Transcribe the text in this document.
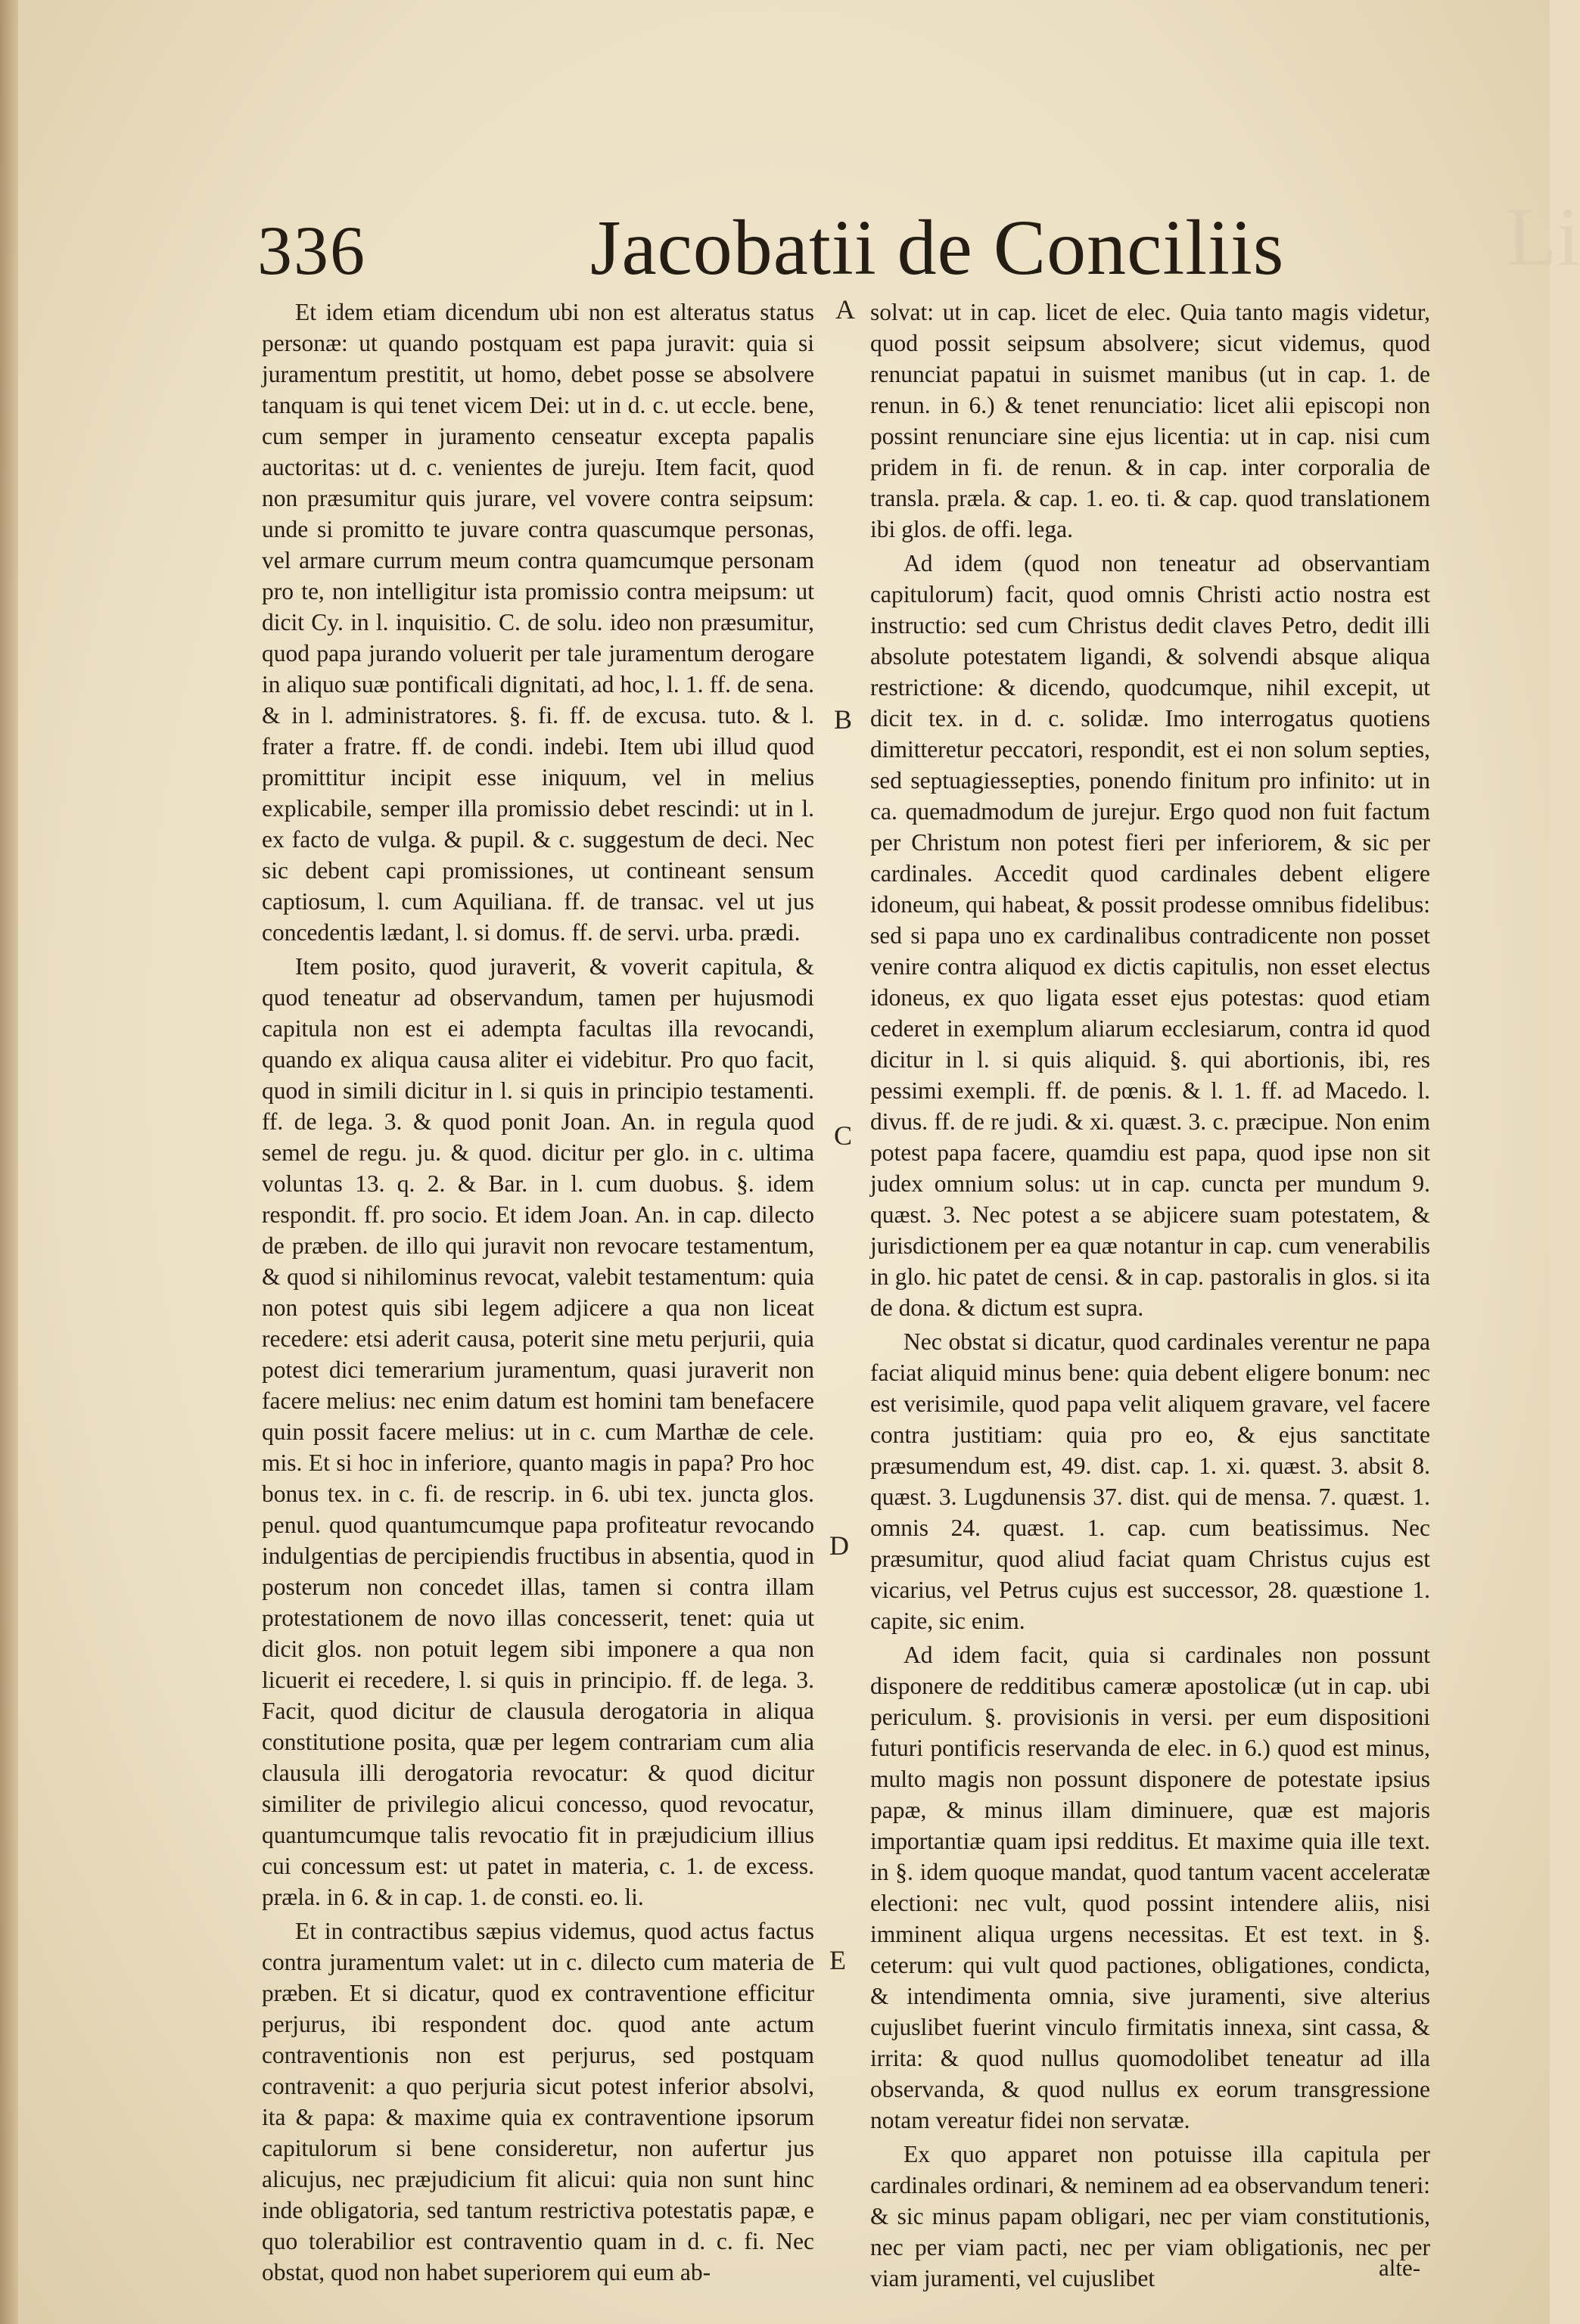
Li
336	Jacobatii de Conciliis

Et idem etiam dicendum ubi non est alteratus status personæ: ut quando postquam est papa juravit: quia si juramentum prestitit, ut homo, debet posse se absolvere tanquam is qui tenet vicem Dei: ut in d. c. ut eccle. bene, cum semper in juramento censeatur excepta papalis auctoritas: ut d. c. venientes de jureju. Item facit, quod non præsumitur quis jurare, vel vovere contra seipsum: unde si promitto te juvare contra quascumque personas, vel armare currum meum contra quamcumque personam pro te, non intelligitur ista promissio contra meipsum: ut dicit Cy. in l. inquisitio. C. de solu. ideo non præsumitur, quod papa jurando voluerit per tale juramentum derogare in aliquo suæ pontificali dignitati, ad hoc, l. 1. ff. de sena. & in l. administratores. §. fi. ff. de excusa. tuto. & l. frater a fratre. ff. de condi. indebi. Item ubi illud quod promittitur incipit esse iniquum, vel in melius explicabile, semper illa promissio debet rescindi: ut in l. ex facto de vulga. & pupil. & c. suggestum de deci. Nec sic debent capi promissiones, ut contineant sensum captiosum, l. cum Aquiliana. ff. de transac. vel ut jus concedentis lædant, l. si domus. ff. de servi. urba. prædi.

Item posito, quod juraverit, & voverit capitula, & quod teneatur ad observandum, tamen per hujusmodi capitula non est ei adempta facultas illa revocandi, quando ex aliqua causa aliter ei videbitur. Pro quo facit, quod in simili dicitur in l. si quis in principio testamenti. ff. de lega. 3. & quod ponit Joan. An. in regula quod semel de regu. ju. & quod. dicitur per glo. in c. ultima voluntas 13. q. 2. & Bar. in l. cum duobus. §. idem respondit. ff. pro socio. Et idem Joan. An. in cap. dilecto de præben. de illo qui juravit non revocare testamentum, & quod si nihilominus revocat, valebit testamentum: quia non potest quis sibi legem adjicere a qua non liceat recedere: etsi aderit causa, poterit sine metu perjurii, quia potest dici temerarium juramentum, quasi juraverit non facere melius: nec enim datum est homini tam benefacere quin possit facere melius: ut in c. cum Marthæ de cele. mis. Et si hoc in inferiore, quanto magis in papa? Pro hoc bonus tex. in c. fi. de rescrip. in 6. ubi tex. juncta glos. penul. quod quantumcumque papa profiteatur revocando indulgentias de percipiendis fructibus in absentia, quod in posterum non concedet illas, tamen si contra illam protestationem de novo illas concesserit, tenet: quia ut dicit glos. non potuit legem sibi imponere a qua non licuerit ei recedere, l. si quis in principio. ff. de lega. 3. Facit, quod dicitur de clausula derogatoria in aliqua constitutione posita, quæ per legem contrariam cum alia clausula illi derogatoria revocatur: & quod dicitur similiter de privilegio alicui concesso, quod revocatur, quantumcumque talis revocatio fit in præjudicium illius cui concessum est: ut patet in materia, c. 1. de excess. præla. in 6. & in cap. 1. de consti. eo. li.

Et in contractibus sæpius videmus, quod actus factus contra juramentum valet: ut in c. dilecto cum materia de præben. Et si dicatur, quod ex contraventione efficitur perjurus, ibi respondent doc. quod ante actum contraventionis non est perjurus, sed postquam contravenit: a quo perjuria sicut potest inferior absolvi, ita & papa: & maxime quia ex contraventione ipsorum capitulorum si bene consideretur, non aufertur jus alicujus, nec præjudicium fit alicui: quia non sunt hinc inde obligatoria, sed tantum restrictiva potestatis papæ, e quo tolerabilior est contraventio quam in d. c. fi. Nec obstat, quod non habet superiorem qui eum ab-

A
B
C
D
E

solvat: ut in cap. licet de elec. Quia tanto magis videtur, quod possit seipsum absolvere; sicut videmus, quod renunciat papatui in suismet manibus (ut in cap. 1. de renun. in 6.) & tenet renunciatio: licet alii episcopi non possint renunciare sine ejus licentia: ut in cap. nisi cum pridem in fi. de renun. & in cap. inter corporalia de transla. præla. & cap. 1. eo. ti. & cap. quod translationem ibi glos. de offi. lega.

Ad idem (quod non teneatur ad observantiam capitulorum) facit, quod omnis Christi actio nostra est instructio: sed cum Christus dedit claves Petro, dedit illi absolute potestatem ligandi, & solvendi absque aliqua restrictione: & dicendo, quodcumque, nihil excepit, ut dicit tex. in d. c. solidæ. Imo interrogatus quotiens dimitteretur peccatori, respondit, est ei non solum septies, sed septuagiessepties, ponendo finitum pro infinito: ut in ca. quemadmodum de jurejur. Ergo quod non fuit factum per Christum non potest fieri per inferiorem, & sic per cardinales. Accedit quod cardinales debent eligere idoneum, qui habeat, & possit prodesse omnibus fidelibus: sed si papa uno ex cardinalibus contradicente non posset venire contra aliquod ex dictis capitulis, non esset electus idoneus, ex quo ligata esset ejus potestas: quod etiam cederet in exemplum aliarum ecclesiarum, contra id quod dicitur in l. si quis aliquid. §. qui abortionis, ibi, res pessimi exempli. ff. de pœnis. & l. 1. ff. ad Macedo. l. divus. ff. de re judi. & xi. quæst. 3. c. præcipue. Non enim potest papa facere, quamdiu est papa, quod ipse non sit judex omnium solus: ut in cap. cuncta per mundum 9. quæst. 3. Nec potest a se abjicere suam potestatem, & jurisdictionem per ea quæ notantur in cap. cum venerabilis in glo. hic patet de censi. & in cap. pastoralis in glos. si ita de dona. & dictum est supra.

Nec obstat si dicatur, quod cardinales verentur ne papa faciat aliquid minus bene: quia debent eligere bonum: nec est verisimile, quod papa velit aliquem gravare, vel facere contra justitiam: quia pro eo, & ejus sanctitate præsumendum est, 49. dist. cap. 1. xi. quæst. 3. absit 8. quæst. 3. Lugdunensis 37. dist. qui de mensa. 7. quæst. 1. omnis 24. quæst. 1. cap. cum beatissimus. Nec præsumitur, quod aliud faciat quam Christus cujus est vicarius, vel Petrus cujus est successor, 28. quæstione 1. capite, sic enim.

Ad idem facit, quia si cardinales non possunt disponere de redditibus cameræ apostolicæ (ut in cap. ubi periculum. §. provisionis in versi. per eum dispositioni futuri pontificis reservanda de elec. in 6.) quod est minus, multo magis non possunt disponere de potestate ipsius papæ, & minus illam diminuere, quæ est majoris importantiæ quam ipsi redditus. Et maxime quia ille text. in §. idem quoque mandat, quod tantum vacent acceleratæ electioni: nec vult, quod possint intendere aliis, nisi imminent aliqua urgens necessitas. Et est text. in §. ceterum: qui vult quod pactiones, obligationes, condicta, & intendimenta omnia, sive juramenti, sive alterius cujuslibet fuerint vinculo firmitatis innexa, sint cassa, & irrita: & quod nullus quomodolibet teneatur ad illa observanda, & quod nullus ex eorum transgressione notam vereatur fidei non servatæ.

Ex quo apparet non potuisse illa capitula per cardinales ordinari, & neminem ad ea observandum teneri: & sic minus papam obligari, nec per viam constitutionis, nec per viam pacti, nec per viam obligationis, nec per viam juramenti, vel cujuslibet	alte-
